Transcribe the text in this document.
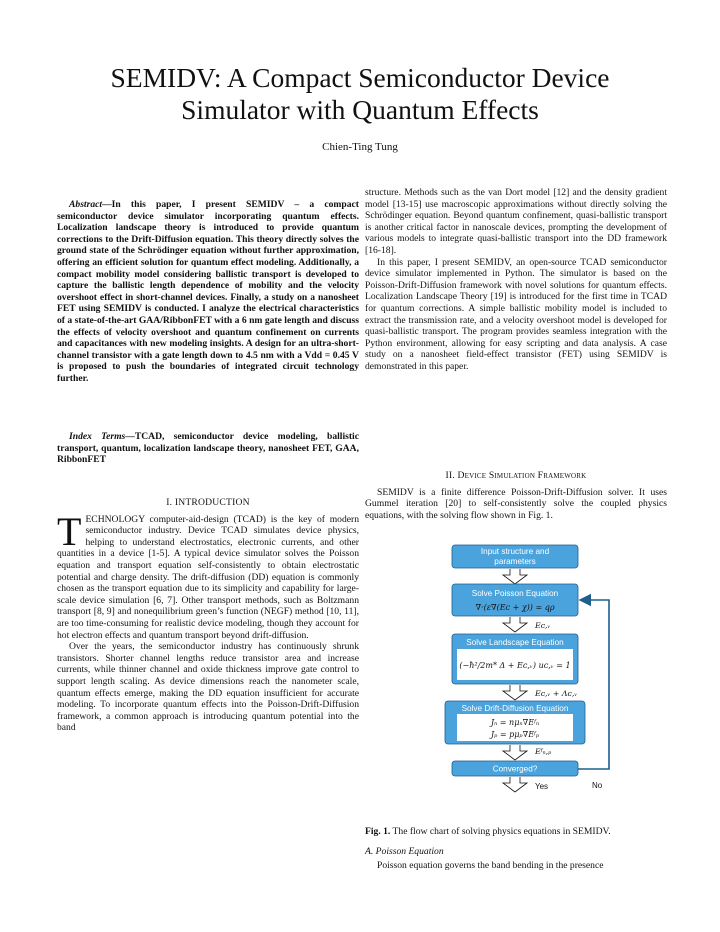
SEMIDV: A Compact Semiconductor Device
Simulator with Quantum Effects
Chien-Ting Tung

Abstract—In this paper, I present SEMIDV – a compact semiconductor device simulator incorporating quantum effects. Localization landscape theory is introduced to provide quantum corrections to the Drift-Diffusion equation. This theory directly solves the ground state of the Schrödinger equation without further approximation, offering an efficient solution for quantum effect modeling. Additionally, a compact mobility model considering ballistic transport is developed to capture the ballistic length dependence of mobility and the velocity overshoot effect in short-channel devices. Finally, a study on a nanosheet FET using SEMIDV is conducted. I analyze the electrical characteristics of a state-of-the-art GAA/RibbonFET with a 6 nm gate length and discuss the effects of velocity overshoot and quantum confinement on currents and capacitances with new modeling insights. A design for an ultra-short-channel transistor with a gate length down to 4.5 nm with a Vdd = 0.45 V is proposed to push the boundaries of integrated circuit technology further.

Index Terms—TCAD, semiconductor device modeling, ballistic transport, quantum, localization landscape theory, nanosheet FET, GAA, RibbonFET

I. INTRODUCTION

TECHNOLOGY computer-aid-design (TCAD) is the key of modern semiconductor industry. Device TCAD simulates device physics, helping to understand electrostatics, electronic currents, and other quantities in a device [1-5]. A typical device simulator solves the Poisson equation and transport equation self-consistently to obtain electrostatic potential and charge density. The drift-diffusion (DD) equation is commonly chosen as the transport equation due to its simplicity and capability for large-scale device simulation [6, 7]. Other transport methods, such as Boltzmann transport [8, 9] and nonequilibrium green’s function (NEGF) method [10, 11], are too time-consuming for realistic device modeling, though they account for hot electron effects and quantum transport beyond drift-diffusion.

Over the years, the semiconductor industry has continuously shrunk transistors. Shorter channel lengths reduce transistor area and increase currents, while thinner channel and oxide thickness improve gate control to support length scaling. As device dimensions reach the nanometer scale, quantum effects emerge, making the DD equation insufficient for accurate modeling. To incorporate quantum effects into the Poisson-Drift-Diffusion framework, a common approach is introducing quantum potential into the band

structure. Methods such as the van Dort model [12] and the density gradient model [13-15] use macroscopic approximations without directly solving the Schrödinger equation. Beyond quantum confinement, quasi-ballistic transport is another critical factor in nanoscale devices, prompting the development of various models to integrate quasi-ballistic transport into the DD framework [16-18].

In this paper, I present SEMIDV, an open-source TCAD semiconductor device simulator implemented in Python. The simulator is based on the Poisson-Drift-Diffusion framework with novel solutions for quantum effects. Localization Landscape Theory [19] is introduced for the first time in TCAD for quantum corrections. A simple ballistic mobility model is included to extract the transmission rate, and a velocity overshoot model is developed for quasi-ballistic transport. The program provides seamless integration with the Python environment, allowing for easy scripting and data analysis. A case study on a nanosheet field-effect transistor (FET) using SEMIDV is demonstrated in this paper.

II. Device Simulation Framework

SEMIDV is a finite difference Poisson-Drift-Diffusion solver. It uses Gummel iteration [20] to self-consistently solve the coupled physics equations, with the solving flow shown in Fig. 1.

Input structure and
parameters
Solve Poisson Equation
∇·(ε∇(Eᴄ + χ)) = qρ
Eᴄ,ᵥ
Solve Landscape Equation
(−ħ²/2m* Δ + Eᴄ,ᵥ) uᴄ,ᵥ = 1
Eᴄ,ᵥ + Λᴄ,ᵥ
Solve Drift-Diffusion Equation
Jₙ = nμₙ∇Eᶠₙ
Jₚ = pμₚ∇Eᶠₚ
Eᶠₙ,ₚ
Converged?
Yes	No

Fig. 1. The flow chart of solving physics equations in SEMIDV.

A. Poisson Equation

Poisson equation governs the band bending in the presence
